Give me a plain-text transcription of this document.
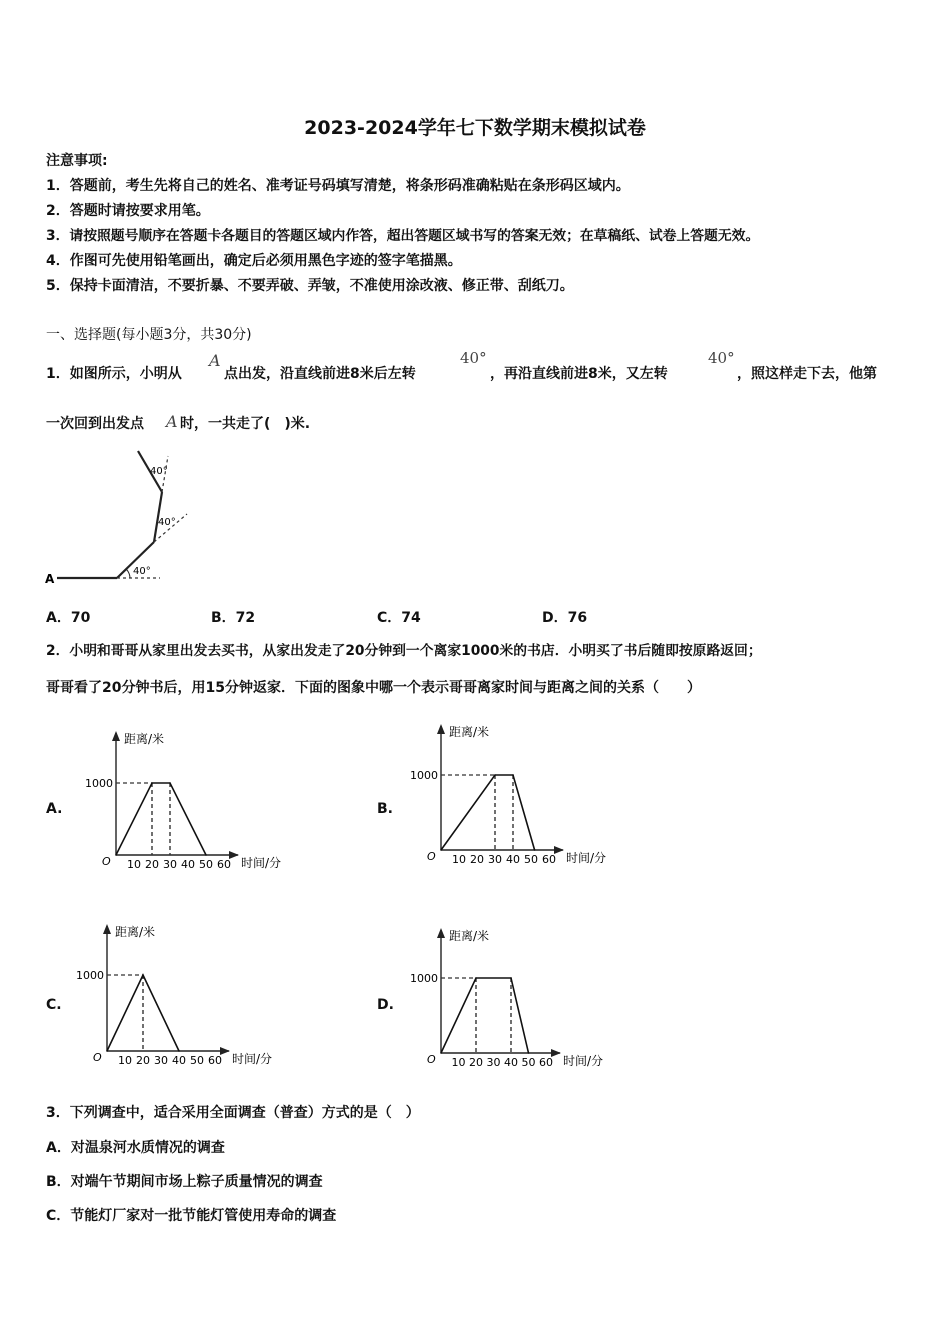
2023-2024学年七下数学期末模拟试卷
注意事项:
1．答题前，考生先将自己的姓名、准考证号码填写清楚，将条形码准确粘贴在条形码区域内。
2．答题时请按要求用笔。
3．请按照题号顺序在答题卡各题目的答题区域内作答，超出答题区域书写的答案无效；在草稿纸、试卷上答题无效。
4．作图可先使用铅笔画出，确定后必须用黑色字迹的签字笔描黑。
5．保持卡面清洁，不要折暴、不要弄破、弄皱，不准使用涂改液、修正带、刮纸刀。
一、选择题(每小题3分，共30分)
1．如图所示，小明从
A
点出发，沿直线前进8米后左转
40°
，再沿直线前进8米，又左转
40°
，照这样走下去，他第
一次回到出发点 A 时，一共走了(　)米.
A
40°
40°
40°
A．70	B．72	C．74	D．76
2．小明和哥哥从家里出发去买书，从家出发走了20分钟到一个离家1000米的书店．小明买了书后随即按原路返回；
哥哥看了20分钟书后，用15分钟返家．下面的图象中哪一个表示哥哥离家时间与距离之间的关系（　　）
A.	B.
C.	D.
距离/米
时间/分
O
1000
10 20 30 40 50 60
距离/米
时间/分
O
1000
10 20 30 40 50 60
距离/米
时间/分
O
1000
10 20 30 40 50 60
距离/米
时间/分
O
1000
10 20 30 40 50 60
3．下列调查中，适合采用全面调查（普查）方式的是（　）
A．对温泉河水质情况的调查
B．对端午节期间市场上粽子质量情况的调查
C．节能灯厂家对一批节能灯管使用寿命的调查
